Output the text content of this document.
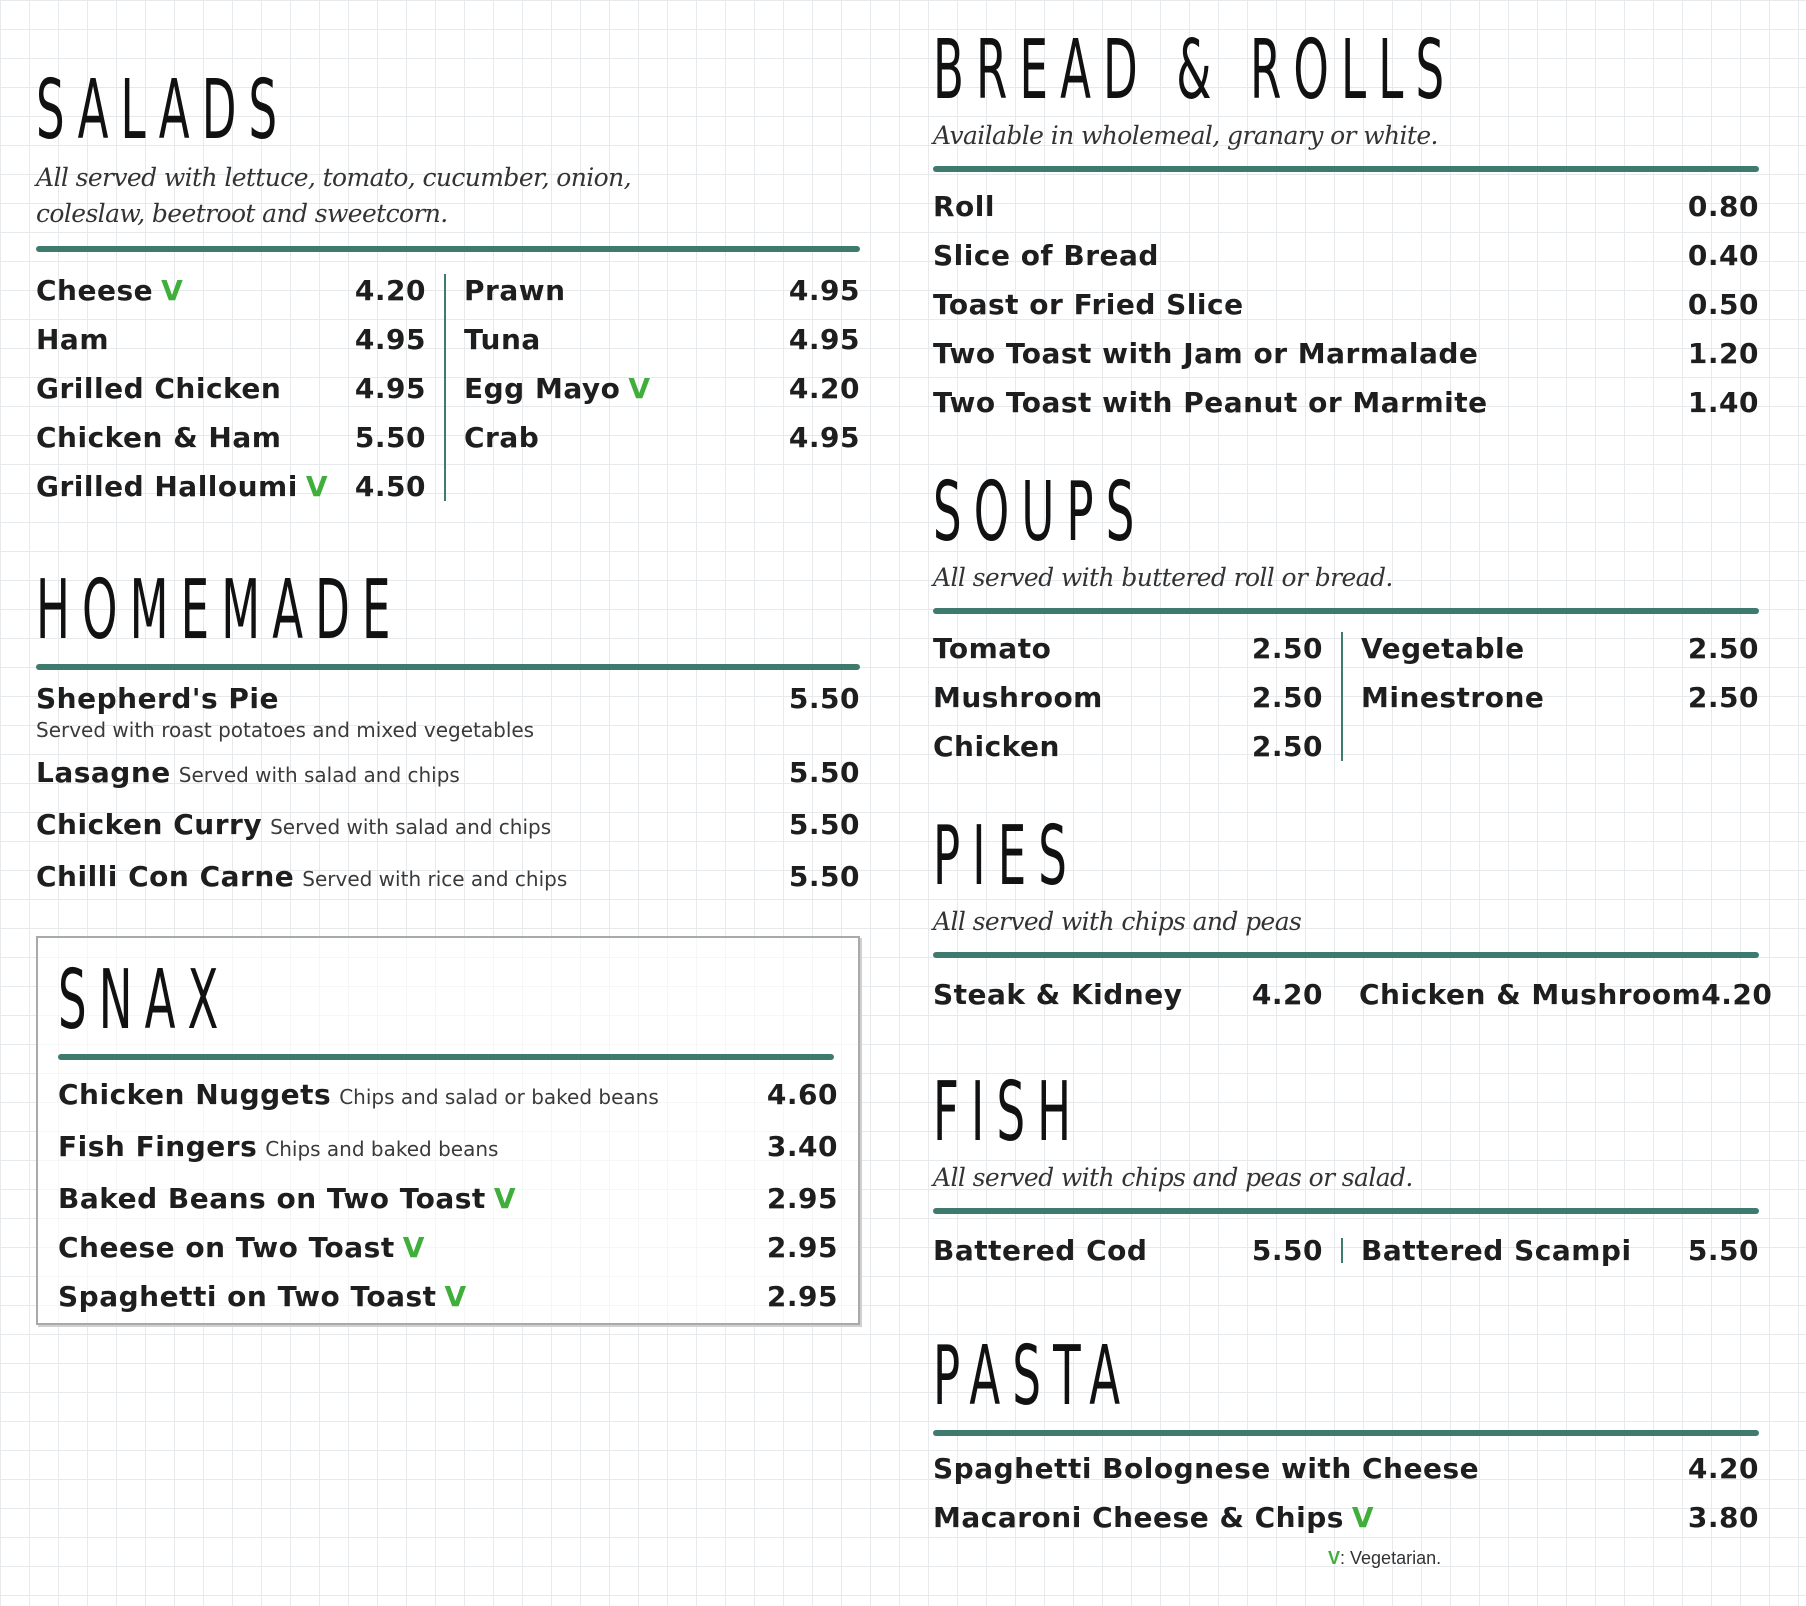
SALADS
All served with lettuce, tomato, cucumber, onion,
coleslaw, beetroot and sweetcorn.
Cheese V	4.20
Ham	4.95
Grilled Chicken	4.95
Chicken & Ham	5.50
Grilled Halloumi V 4.50
Prawn	4.95
Tuna	4.95
Egg Mayo V	4.20
Crab	4.95
HOMEMADE
Shepherd's Pie	5.50
Served with roast potatoes and mixed vegetables
Lasagne Served with salad and chips	5.50
Chicken Curry Served with salad and chips	5.50
Chilli Con Carne Served with rice and chips	5.50
SNAX
Chicken Nuggets Chips and salad or baked beans	4.60
Fish Fingers Chips and baked beans	3.40
Baked Beans on Two Toast V	2.95
Cheese on Two Toast V	2.95
Spaghetti on Two Toast V	2.95
BREAD & ROLLS
Available in wholemeal, granary or white.
Roll	0.80
Slice of Bread	0.40
Toast or Fried Slice	0.50
Two Toast with Jam or Marmalade	1.20
Two Toast with Peanut or Marmite	1.40
SOUPS
All served with buttered roll or bread.
Tomato	2.50
Mushroom	2.50
Chicken	2.50
Vegetable	2.50
Minestrone	2.50
PIES
All served with chips and peas
Steak & Kidney	4.20 Chicken & Mushroom 4.20
FISH
All served with chips and peas or salad.
Battered Cod	5.50 Battered Scampi	5.50
PASTA
Spaghetti Bolognese with Cheese	4.20
Macaroni Cheese & Chips V	3.80
V: Vegetarian.
